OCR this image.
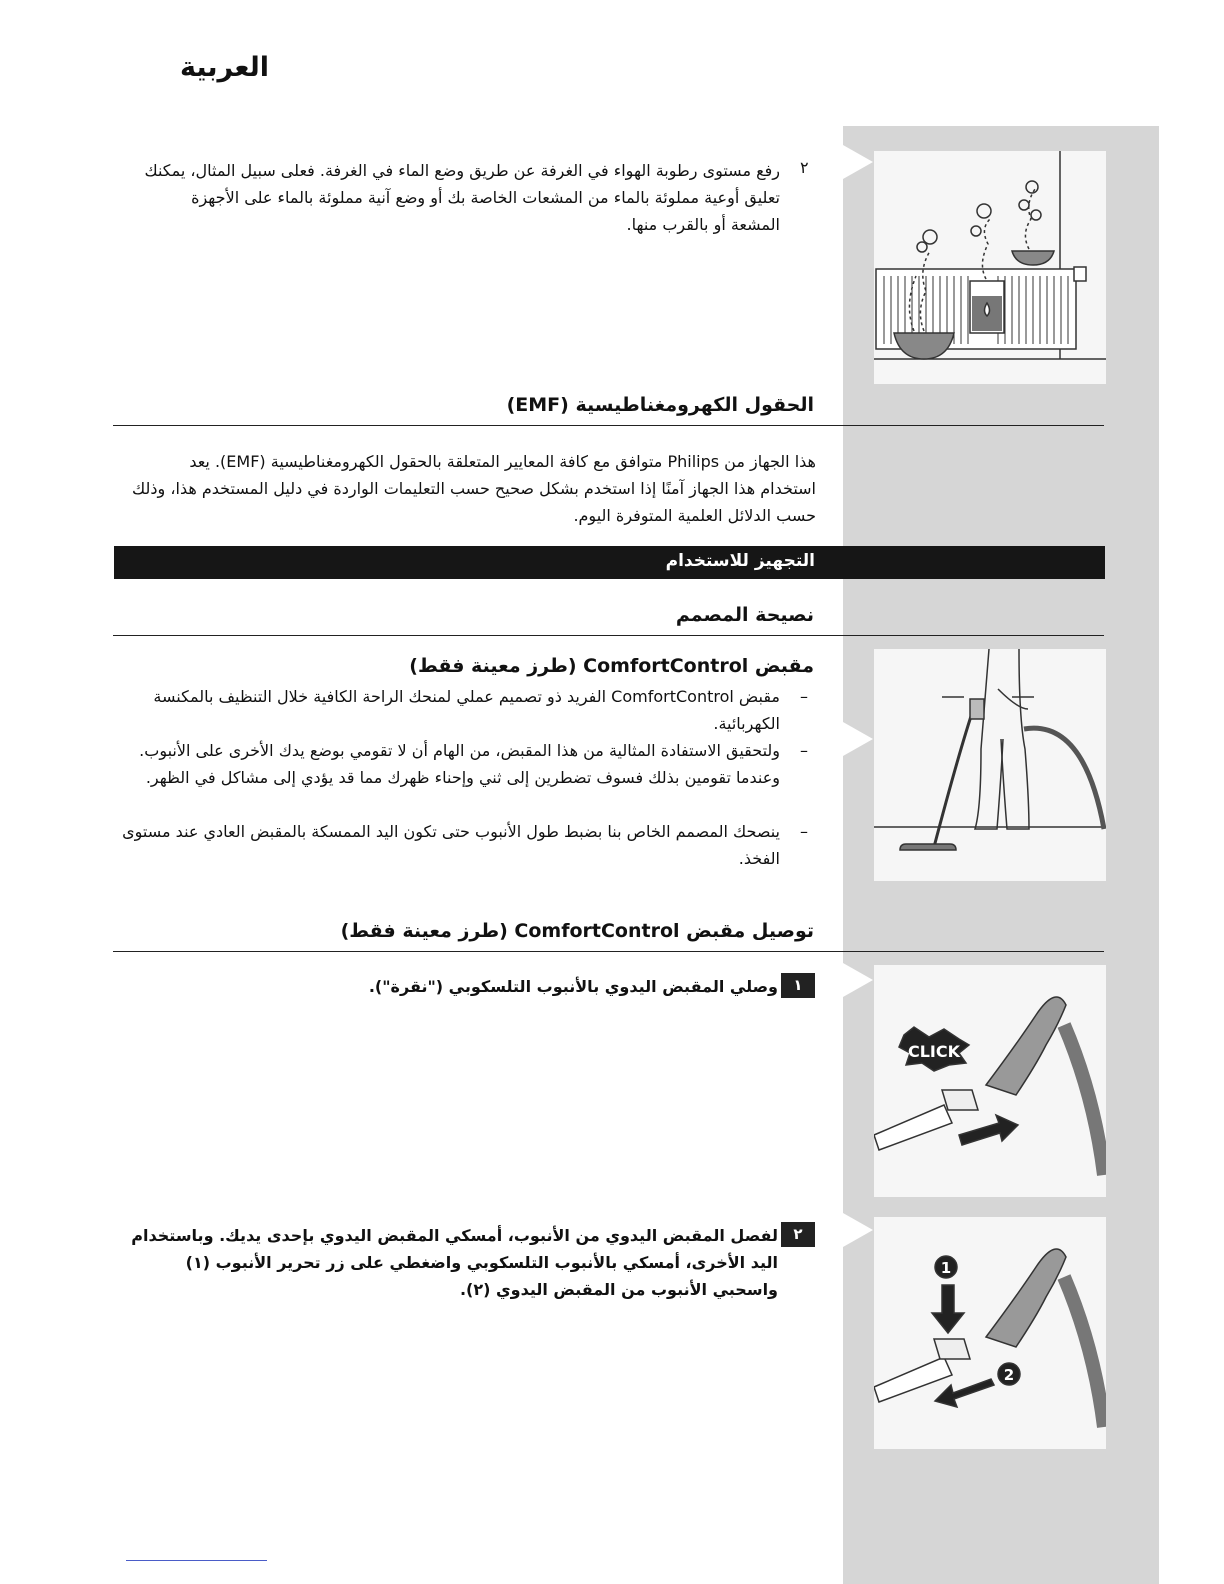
العربية
٢
رفع مستوى رطوبة الهواء في الغرفة عن طريق وضع الماء في الغرفة. فعلى سبيل المثال، يمكنك تعليق أوعية مملوئة بالماء من المشعات الخاصة بك أو وضع آنية مملوئة بالماء على الأجهزة المشعة أو بالقرب منها.
الحقول الكهرومغناطيسية (EMF)
هذا الجهاز من Philips متوافق مع كافة المعايير المتعلقة بالحقول الكهرومغناطيسية (EMF). يعد استخدام هذا الجهاز آمنًا إذا استخدم بشكل صحيح حسب التعليمات الواردة في دليل المستخدم هذا، وذلك حسب الدلائل العلمية المتوفرة اليوم.
التجهيز للاستخدام
نصيحة المصمم
مقبض ComfortControl (طرز معينة فقط)
–
مقبض ComfortControl الفريد ذو تصميم عملي لمنحك الراحة الكافية خلال التنظيف بالمكنسة الكهربائية.
–
ولتحقيق الاستفادة المثالية من هذا المقبض، من الهام أن لا تقومي بوضع يدك الأخرى على الأنبوب. وعندما تقومين بذلك فسوف تضطرين إلى ثني وإحناء ظهرك مما قد يؤدي إلى مشاكل في الظهر.
–
ينصحك المصمم الخاص بنا بضبط طول الأنبوب حتى تكون اليد الممسكة بالمقبض العادي عند مستوى الفخذ.
توصيل مقبض ComfortControl (طرز معينة فقط)
١
وصلي المقبض اليدوي بالأنبوب التلسكوبي ("نقرة").
CLICK
٢
لفصل المقبض اليدوي من الأنبوب، أمسكي المقبض اليدوي بإحدى يديك. وباستخدام اليد الأخرى، أمسكي بالأنبوب التلسكوبي واضغطي على زر تحرير الأنبوب (١) واسحبي الأنبوب من المقبض اليدوي (٢).
1
2
